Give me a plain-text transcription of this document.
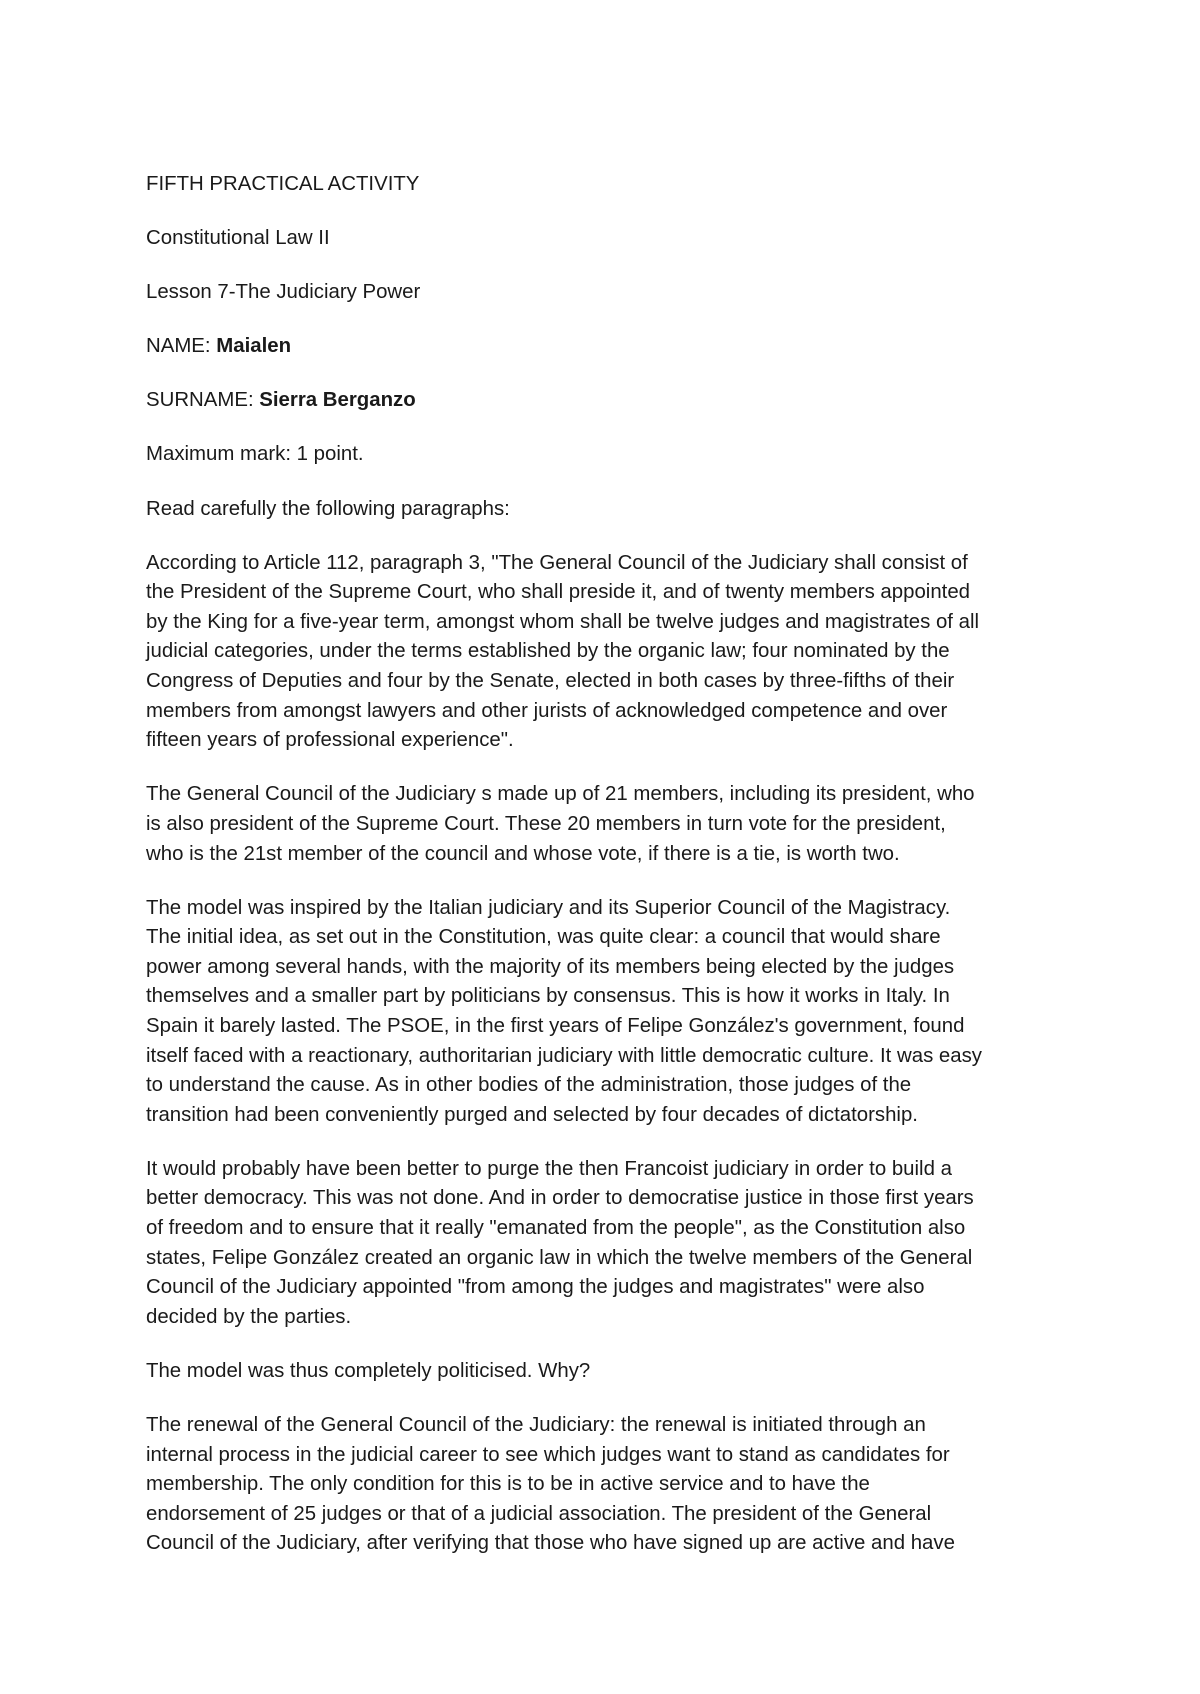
FIFTH PRACTICAL ACTIVITY
Constitutional Law II
Lesson 7-The Judiciary Power
NAME: Maialen
SURNAME: Sierra Berganzo
Maximum mark: 1 point.
Read carefully the following paragraphs:
According to Article 112, paragraph 3, "The General Council of the Judiciary shall consist of
the President of the Supreme Court, who shall preside it, and of twenty members appointed
by the King for a five-year term, amongst whom shall be twelve judges and magistrates of all
judicial categories, under the terms established by the organic law; four nominated by the
Congress of Deputies and four by the Senate, elected in both cases by three-fifths of their
members from amongst lawyers and other jurists of acknowledged competence and over
fifteen years of professional experience".
The General Council of the Judiciary s made up of 21 members, including its president, who
is also president of the Supreme Court. These 20 members in turn vote for the president,
who is the 21st member of the council and whose vote, if there is a tie, is worth two.
The model was inspired by the Italian judiciary and its Superior Council of the Magistracy.
The initial idea, as set out in the Constitution, was quite clear: a council that would share
power among several hands, with the majority of its members being elected by the judges
themselves and a smaller part by politicians by consensus. This is how it works in Italy. In
Spain it barely lasted. The PSOE, in the first years of Felipe González's government, found
itself faced with a reactionary, authoritarian judiciary with little democratic culture. It was easy
to understand the cause. As in other bodies of the administration, those judges of the
transition had been conveniently purged and selected by four decades of dictatorship.
It would probably have been better to purge the then Francoist judiciary in order to build a
better democracy. This was not done. And in order to democratise justice in those first years
of freedom and to ensure that it really "emanated from the people", as the Constitution also
states, Felipe González created an organic law in which the twelve members of the General
Council of the Judiciary appointed "from among the judges and magistrates" were also
decided by the parties.
The model was thus completely politicised. Why?
The renewal of the General Council of the Judiciary: the renewal is initiated through an
internal process in the judicial career to see which judges want to stand as candidates for
membership. The only condition for this is to be in active service and to have the
endorsement of 25 judges or that of a judicial association. The president of the General
Council of the Judiciary, after verifying that those who have signed up are active and have
